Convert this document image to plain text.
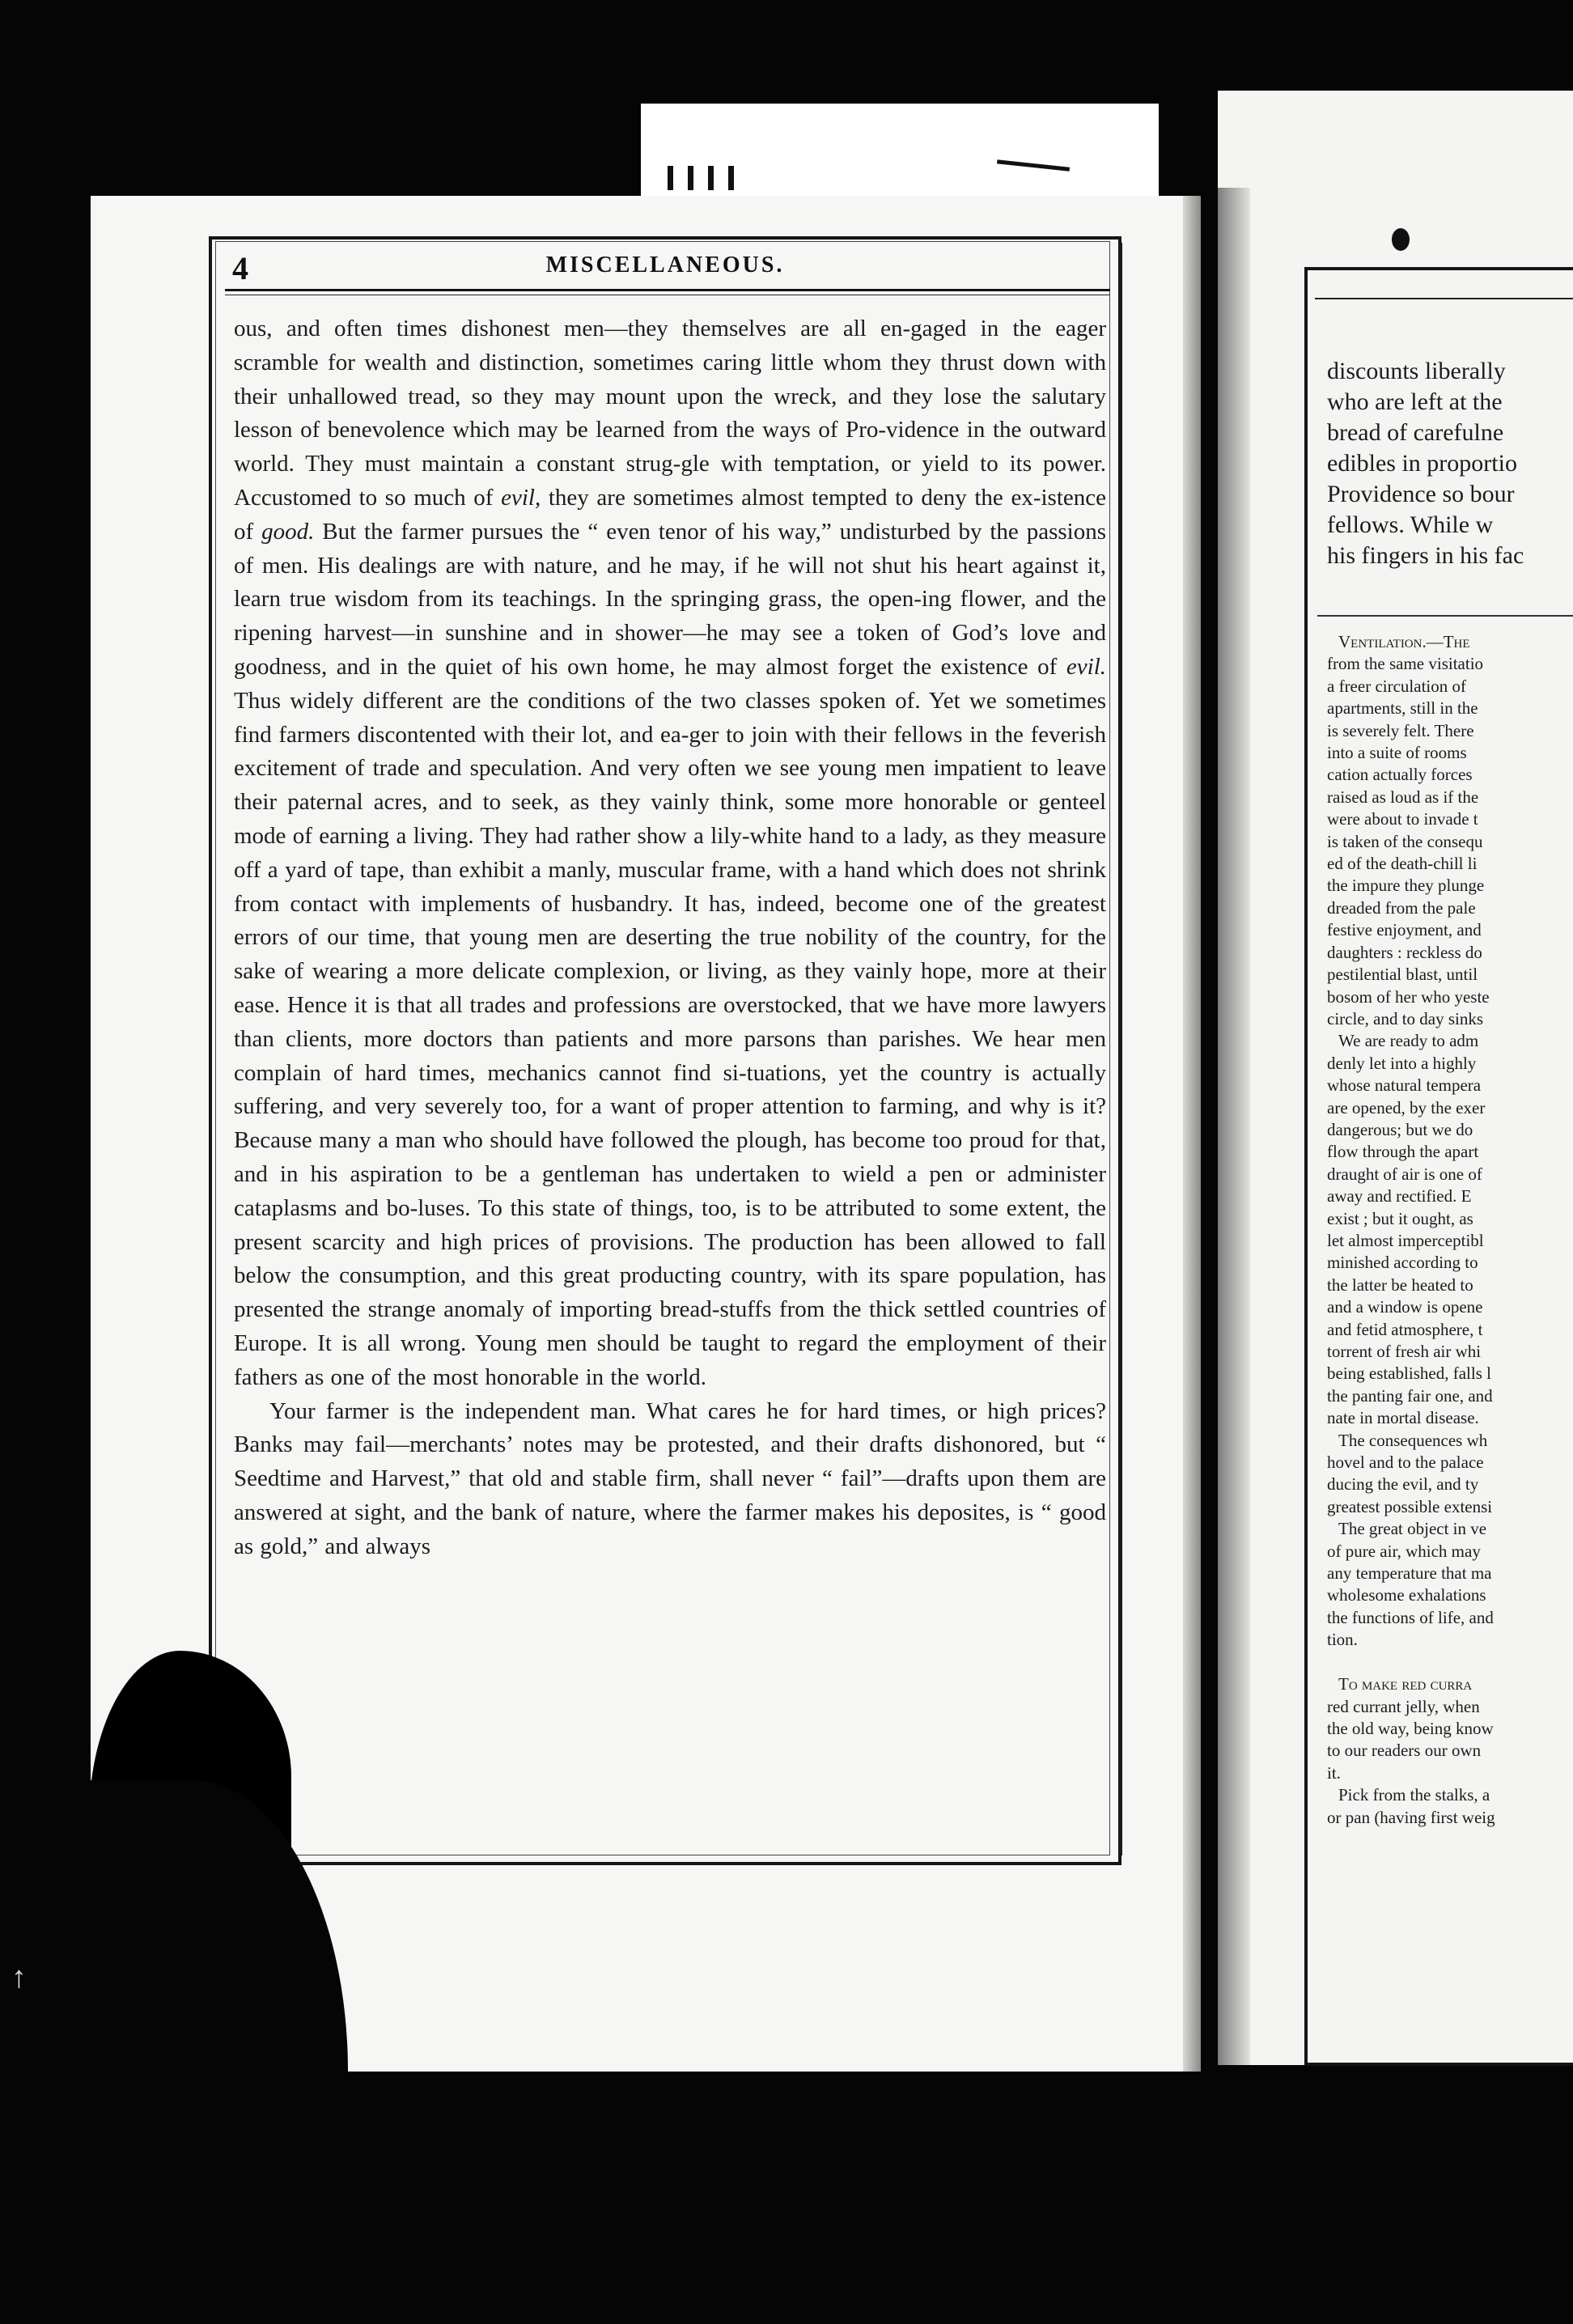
4	MISCELLANEOUS.

ous, and often times dishonest men—they themselves are all en-gaged in the eager scramble for wealth and distinction, sometimes caring little whom they thrust down with their unhallowed tread, so they may mount upon the wreck, and they lose the salutary lesson of benevolence which may be learned from the ways of Pro-vidence in the outward world. They must maintain a constant strug-gle with temptation, or yield to its power. Accustomed to so much of evil, they are sometimes almost tempted to deny the ex-istence of good. But the farmer pursues the “ even tenor of his way,” undisturbed by the passions of men. His dealings are with nature, and he may, if he will not shut his heart against it, learn true wisdom from its teachings. In the springing grass, the open-ing flower, and the ripening harvest—in sunshine and in shower—he may see a token of God’s love and goodness, and in the quiet of his own home, he may almost forget the existence of evil. Thus widely different are the conditions of the two classes spoken of. Yet we sometimes find farmers discontented with their lot, and ea-ger to join with their fellows in the feverish excitement of trade and speculation. And very often we see young men impatient to leave their paternal acres, and to seek, as they vainly think, some more honorable or genteel mode of earning a living. They had rather show a lily-white hand to a lady, as they measure off a yard of tape, than exhibit a manly, muscular frame, with a hand which does not shrink from contact with implements of husbandry. It has, indeed, become one of the greatest errors of our time, that young men are deserting the true nobility of the country, for the sake of wearing a more delicate complexion, or living, as they vainly hope, more at their ease. Hence it is that all trades and professions are overstocked, that we have more lawyers than clients, more doctors than patients and more parsons than parishes. We hear men complain of hard times, mechanics cannot find si-tuations, yet the country is actually suffering, and very severely too, for a want of proper attention to farming, and why is it? Because many a man who should have followed the plough, has become too proud for that, and in his aspiration to be a gentleman has undertaken to wield a pen or administer cataplasms and bo-luses. To this state of things, too, is to be attributed to some extent, the present scarcity and high prices of provisions. The production has been allowed to fall below the consumption, and this great producting country, with its spare population, has presented the strange anomaly of importing bread-stuffs from the thick settled countries of Europe. It is all wrong. Young men should be taught to regard the employment of their fathers as one of the most honorable in the world.

Your farmer is the independent man. What cares he for hard times, or high prices? Banks may fail—merchants’ notes may be protested, and their drafts dishonored, but “ Seedtime and Harvest,” that old and stable firm, shall never “ fail”—drafts upon them are answered at sight, and the bank of nature, where the farmer makes his deposites, is “ good as gold,” and always

discounts liberally
who are left at the
bread of carefulne
edibles in proportio
Providence so bour
fellows. While w
his fingers in his fac
Ventilation.—The
from the same visitatio
a freer circulation of
apartments, still in the
is severely felt. There
into a suite of rooms
cation actually forces
raised as loud as if the
were about to invade t
is taken of the consequ
ed of the death-chill li
the impure they plunge
dreaded from the pale
festive enjoyment, and
daughters : reckless do
pestilential blast, until
bosom of her who yeste
circle, and to day sinks
We are ready to adm
denly let into a highly
whose natural tempera
are opened, by the exer
dangerous; but we do
flow through the apart
draught of air is one of
away and rectified. E
exist ; but it ought, as
let almost imperceptibl
minished according to
the latter be heated to
and a window is opene
and fetid atmosphere, t
torrent of fresh air whi
being established, falls l
the panting fair one, and
nate in mortal disease.
The consequences wh
hovel and to the palace
ducing the evil, and ty
greatest possible extensi
The great object in ve
of pure air, which may
any temperature that ma
wholesome exhalations
the functions of life, and
tion.

To make red curra
red currant jelly, when
the old way, being know
to our readers our own
it.
Pick from the stalks, a
or pan (having first weig
↑
